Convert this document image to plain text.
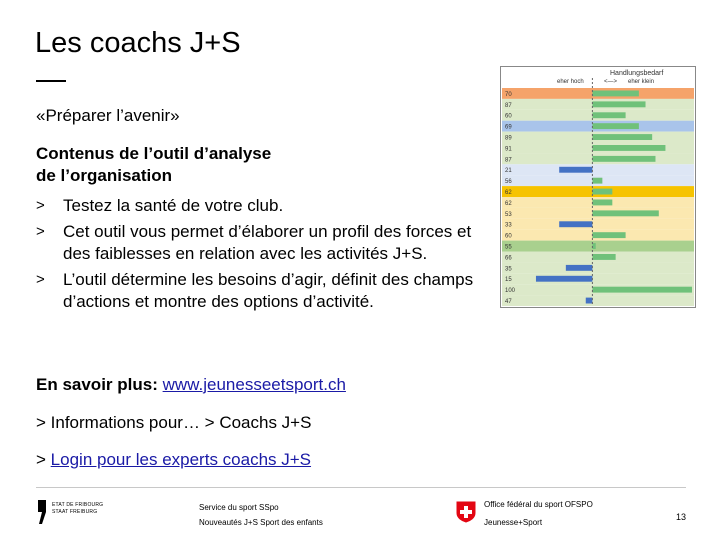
Les coachs J+S
«Préparer l’avenir»
Contenus de l’outil d’analyse
de l’organisation
> Testez la santé de votre club.
> Cet outil vous permet d’élaborer un profil des forces et des faiblesses en relation avec les activités J+S.
> L’outil détermine les besoins d’agir, définit des champs d’actions et montre des options d’activité.
En savoir plus: www.jeunesseetsport.ch
> Informations pour… > Coachs J+S
> Login pour les experts coachs J+S
Handlungsbedarf
eher hoch	<—> eher klein
70
87
60
69
89
91
87
21
56
62
62
53
33
60
55
66
35
15
100
47
ETAT DE FRIBOURG
STAAT FREIBURG	Service du sport SSpo
Nouveautés J+S Sport des enfants
Office fédéral du sport OFSPO
Jeunesse+Sport
13
